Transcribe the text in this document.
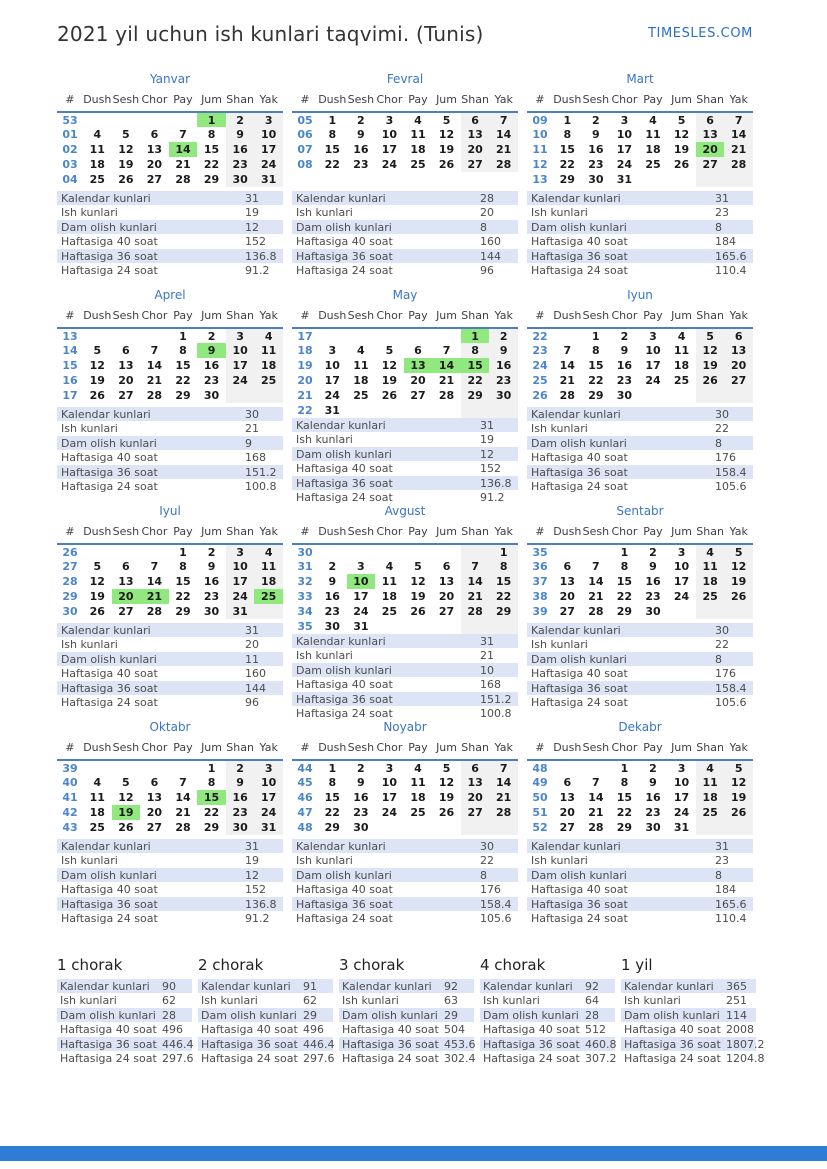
2021 yil uchun ish kunlari taqvimi. (Tunis)	TIMESLES.COM
Yanvar
#	Dush	Sesh	Chor	Pay	Jum	Shan	Yak
53					1	2	3
01	4	5	6	7	8	9	10
02	11	12	13	14	15	16	17
03	18	19	20	21	22	23	24
04	25	26	27	28	29	30	31
Kalendar kunlari	31
Ish kunlari	19
Dam olish kunlari	12
Haftasiga 40 soat	152
Haftasiga 36 soat	136.8
Haftasiga 24 soat	91.2
Fevral
#	Dush	Sesh	Chor	Pay	Jum	Shan	Yak
05	1	2	3	4	5	6	7
06	8	9	10	11	12	13	14
07	15	16	17	18	19	20	21
08	22	23	24	25	26	27	28
Kalendar kunlari	28
Ish kunlari	20
Dam olish kunlari	8
Haftasiga 40 soat	160
Haftasiga 36 soat	144
Haftasiga 24 soat	96
Mart
#	Dush	Sesh	Chor	Pay	Jum	Shan	Yak
09	1	2	3	4	5	6	7
10	8	9	10	11	12	13	14
11	15	16	17	18	19	20	21
12	22	23	24	25	26	27	28
13	29	30	31				
Kalendar kunlari	31
Ish kunlari	23
Dam olish kunlari	8
Haftasiga 40 soat	184
Haftasiga 36 soat	165.6
Haftasiga 24 soat	110.4
Aprel
#	Dush	Sesh	Chor	Pay	Jum	Shan	Yak
13				1	2	3	4
14	5	6	7	8	9	10	11
15	12	13	14	15	16	17	18
16	19	20	21	22	23	24	25
17	26	27	28	29	30		
Kalendar kunlari	30
Ish kunlari	21
Dam olish kunlari	9
Haftasiga 40 soat	168
Haftasiga 36 soat	151.2
Haftasiga 24 soat	100.8
May
#	Dush	Sesh	Chor	Pay	Jum	Shan	Yak
17						1	2
18	3	4	5	6	7	8	9
19	10	11	12	13	14	15	16
20	17	18	19	20	21	22	23
21	24	25	26	27	28	29	30
22	31						
Kalendar kunlari	31
Ish kunlari	19
Dam olish kunlari	12
Haftasiga 40 soat	152
Haftasiga 36 soat	136.8
Haftasiga 24 soat	91.2
Iyun
#	Dush	Sesh	Chor	Pay	Jum	Shan	Yak
22		1	2	3	4	5	6
23	7	8	9	10	11	12	13
24	14	15	16	17	18	19	20
25	21	22	23	24	25	26	27
26	28	29	30				
Kalendar kunlari	30
Ish kunlari	22
Dam olish kunlari	8
Haftasiga 40 soat	176
Haftasiga 36 soat	158.4
Haftasiga 24 soat	105.6
Iyul
#	Dush	Sesh	Chor	Pay	Jum	Shan	Yak
26				1	2	3	4
27	5	6	7	8	9	10	11
28	12	13	14	15	16	17	18
29	19	20	21	22	23	24	25
30	26	27	28	29	30	31	
Kalendar kunlari	31
Ish kunlari	20
Dam olish kunlari	11
Haftasiga 40 soat	160
Haftasiga 36 soat	144
Haftasiga 24 soat	96
Avgust
#	Dush	Sesh	Chor	Pay	Jum	Shan	Yak
30							1
31	2	3	4	5	6	7	8
32	9	10	11	12	13	14	15
33	16	17	18	19	20	21	22
34	23	24	25	26	27	28	29
35	30	31					
Kalendar kunlari	31
Ish kunlari	21
Dam olish kunlari	10
Haftasiga 40 soat	168
Haftasiga 36 soat	151.2
Haftasiga 24 soat	100.8
Sentabr
#	Dush	Sesh	Chor	Pay	Jum	Shan	Yak
35			1	2	3	4	5
36	6	7	8	9	10	11	12
37	13	14	15	16	17	18	19
38	20	21	22	23	24	25	26
39	27	28	29	30			
Kalendar kunlari	30
Ish kunlari	22
Dam olish kunlari	8
Haftasiga 40 soat	176
Haftasiga 36 soat	158.4
Haftasiga 24 soat	105.6
Oktabr
#	Dush	Sesh	Chor	Pay	Jum	Shan	Yak
39					1	2	3
40	4	5	6	7	8	9	10
41	11	12	13	14	15	16	17
42	18	19	20	21	22	23	24
43	25	26	27	28	29	30	31
Kalendar kunlari	31
Ish kunlari	19
Dam olish kunlari	12
Haftasiga 40 soat	152
Haftasiga 36 soat	136.8
Haftasiga 24 soat	91.2
Noyabr
#	Dush	Sesh	Chor	Pay	Jum	Shan	Yak
44	1	2	3	4	5	6	7
45	8	9	10	11	12	13	14
46	15	16	17	18	19	20	21
47	22	23	24	25	26	27	28
48	29	30					
Kalendar kunlari	30
Ish kunlari	22
Dam olish kunlari	8
Haftasiga 40 soat	176
Haftasiga 36 soat	158.4
Haftasiga 24 soat	105.6
Dekabr
#	Dush	Sesh	Chor	Pay	Jum	Shan	Yak
48			1	2	3	4	5
49	6	7	8	9	10	11	12
50	13	14	15	16	17	18	19
51	20	21	22	23	24	25	26
52	27	28	29	30	31		
Kalendar kunlari	31
Ish kunlari	23
Dam olish kunlari	8
Haftasiga 40 soat	184
Haftasiga 36 soat	165.6
Haftasiga 24 soat	110.4
1 chorak
Kalendar kunlari	90
Ish kunlari	62
Dam olish kunlari 28
Haftasiga 40 soat 496
Haftasiga 36 soat 446.4
Haftasiga 24 soat 297.6
2 chorak
Kalendar kunlari	91
Ish kunlari	62
Dam olish kunlari 29
Haftasiga 40 soat 496
Haftasiga 36 soat 446.4
Haftasiga 24 soat 297.6
3 chorak
Kalendar kunlari	92
Ish kunlari	63
Dam olish kunlari 29
Haftasiga 40 soat 504
Haftasiga 36 soat 453.6
Haftasiga 24 soat 302.4
4 chorak
Kalendar kunlari	92
Ish kunlari	64
Dam olish kunlari 28
Haftasiga 40 soat 512
Haftasiga 36 soat 460.8
Haftasiga 24 soat 307.2
1 yil
Kalendar kunlari	365
Ish kunlari	251
Dam olish kunlari 114
Haftasiga 40 soat 2008
Haftasiga 36 soat 1807.2
Haftasiga 24 soat 1204.8
